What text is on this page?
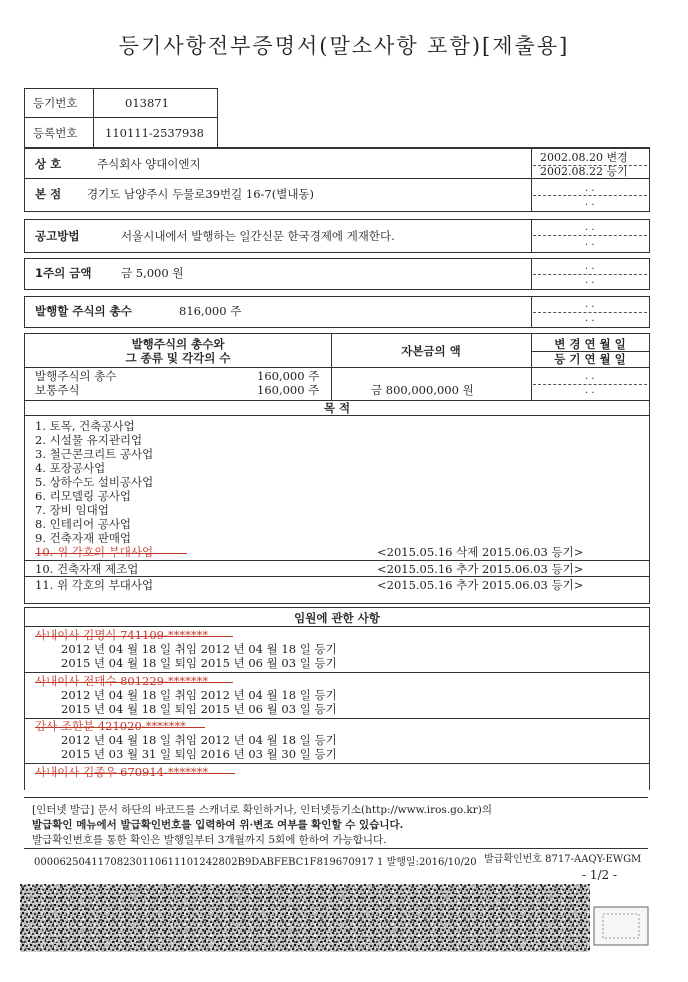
등기사항전부증명서(말소사항 포함)[제출용]
등기번호	013871
등록번호 110111-2537938
상 호	주식회사 양대이엔지	2002.08.20 변경
2002.08.22 등기
본 점 경기도 남양주시 두물로39번길 16-7(별내동)	. .
. .
공고방법	서울시내에서 발행하는 일간신문 한국경제에 게재한다.
. .
. .
1주의 금액	금 5,000 원	. .
. .
발행할 주식의 총수	816,000 주	. .
. .
발행주식의 총수와
그 종류 및 각각의 수	자본금의 액	변 경 연 월 일
등 기 연 월 일
발행주식의 총수	160,000 주
보통주식	160,000 주	금 800,000,000 원
. .
. .
목 적
1. 토목, 건축공사업
2. 시설물 유지관리업
3. 철근콘크리트 공사업
4. 포장공사업
5. 상하수도 설비공사업
6. 리모델링 공사업
7. 장비 임대업
8. 인테리어 공사업
9. 건축자재 판매업
10. 위 각호의 부대사업	<2015.05.16 삭제 2015.06.03 등기>
10. 건축자재 제조업	<2015.05.16 추가 2015.06.03 등기>
11. 위 각호의 부대사업	<2015.05.16 추가 2015.06.03 등기>
임원에 관한 사항
사내이사 김명식 741109-*******
2012 년 04 월 18 일 취임 2012 년 04 월 18 일 등기
2015 년 04 월 18 일 퇴임 2015 년 06 월 03 일 등기
사내이사 전태수 801229-*******
2012 년 04 월 18 일 취임 2012 년 04 월 18 일 등기
2015 년 04 월 18 일 퇴임 2015 년 06 월 03 일 등기
감사 조한분 421020-*******
2012 년 04 월 18 일 취임 2012 년 04 월 18 일 등기
2015 년 03 월 31 일 퇴임 2016 년 03 월 30 일 등기
사내이사 김종우 670914-*******
[인터넷 발급] 문서 하단의 바코드를 스캐너로 확인하거나, 인터넷등기소(http://www.iros.go.kr)의
발급확인 메뉴에서 발급확인번호를 입력하여 위·변조 여부를 확인할 수 있습니다.
발급확인번호를 통한 확인은 발행일부터 3개월까지 5회에 한하여 가능합니다.
00006250411708230110611101242802B9DABFEBC1F819670917 1 발행일:2016/10/20 발급확인번호 8717-AAQY-EWGM
- 1/2 -
